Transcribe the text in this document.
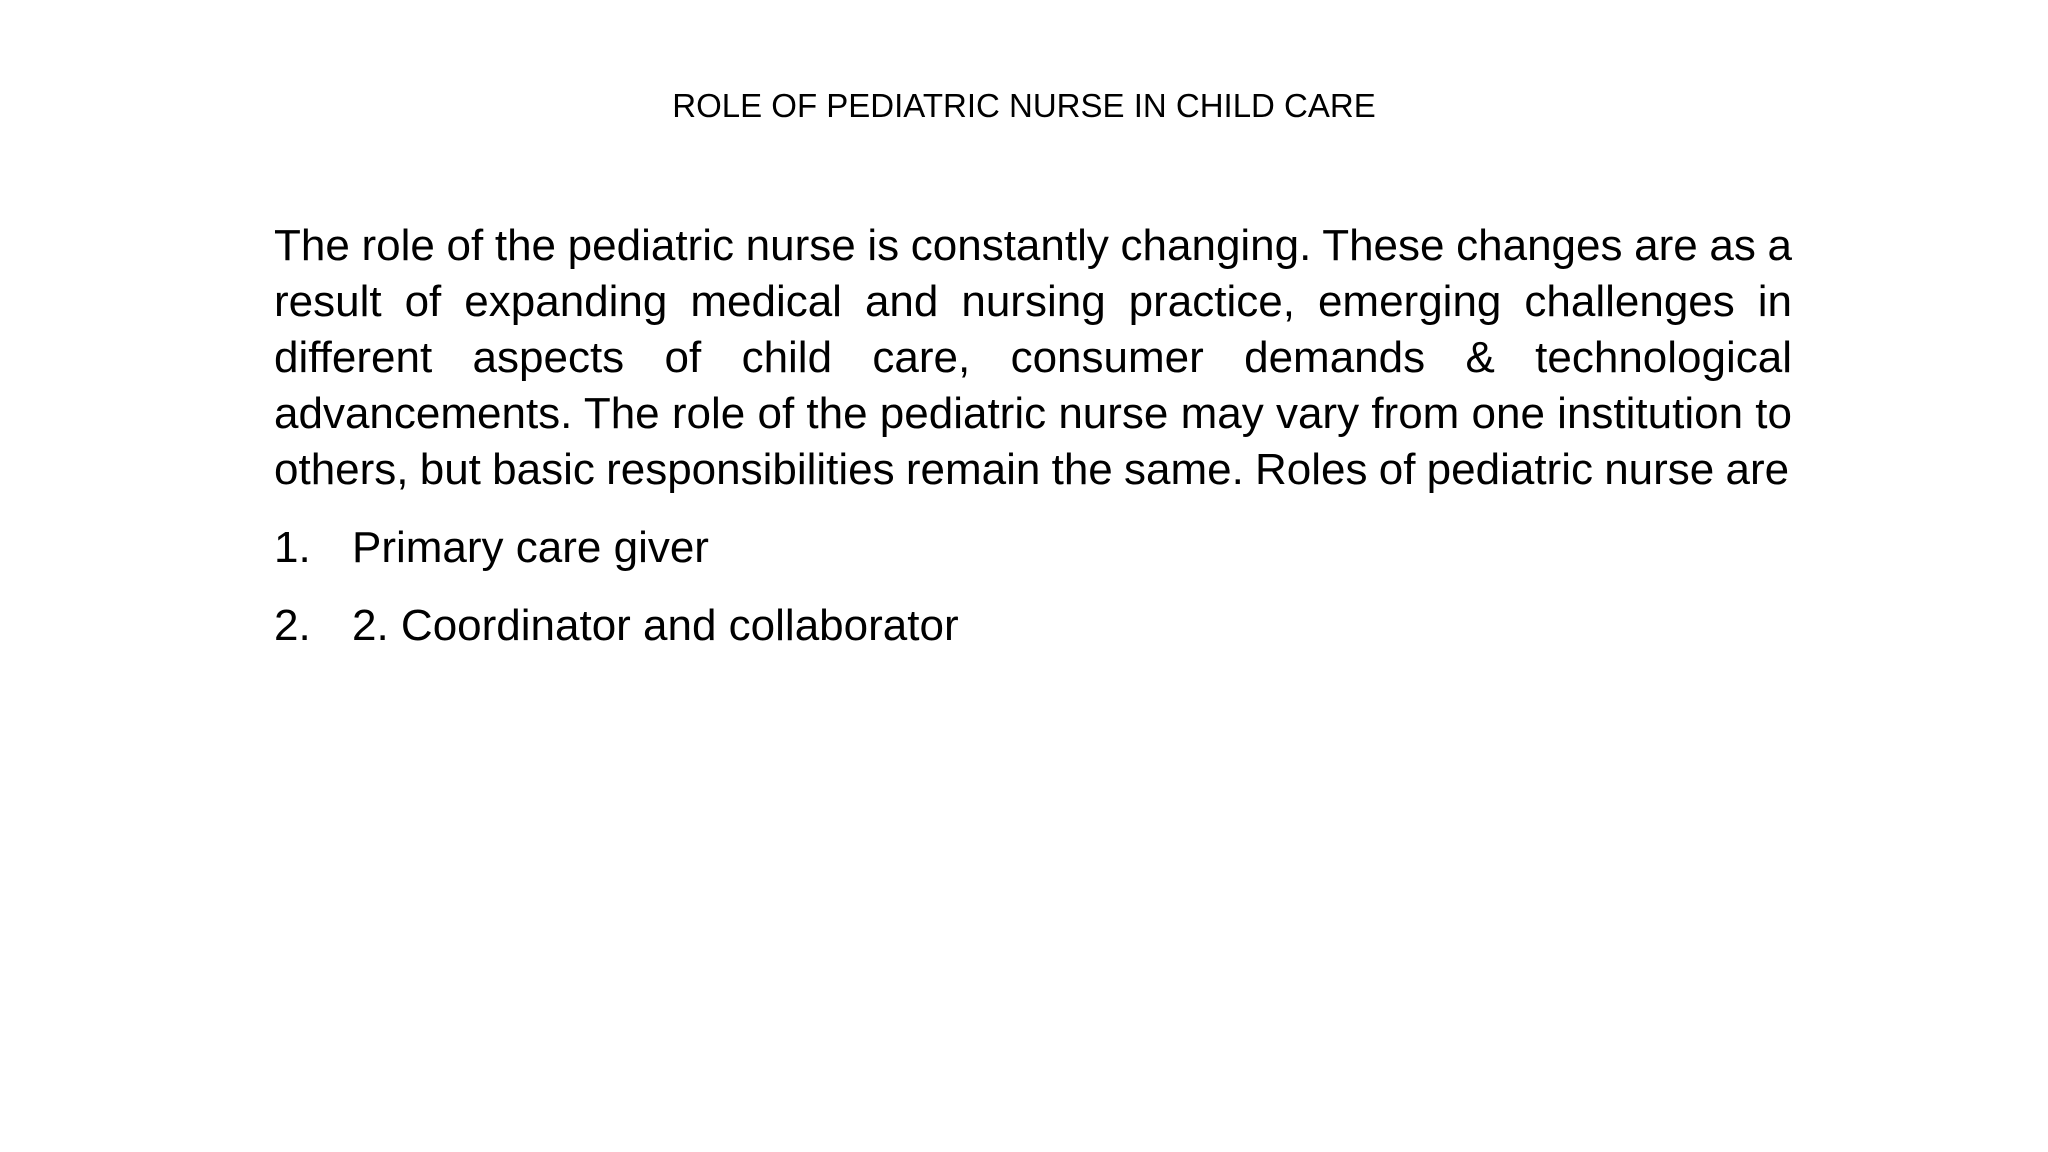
ROLE OF PEDIATRIC NURSE IN CHILD CARE

The role of the pediatric nurse is constantly changing. These changes are as a result of expanding medical and nursing practice, emerging challenges in different aspects of child care, consumer demands & technological advancements. The role of the pediatric nurse may vary from one institution to others, but basic responsibilities remain the same. Roles of pediatric nurse are

1. Primary care giver
2. 2. Coordinator and collaborator
